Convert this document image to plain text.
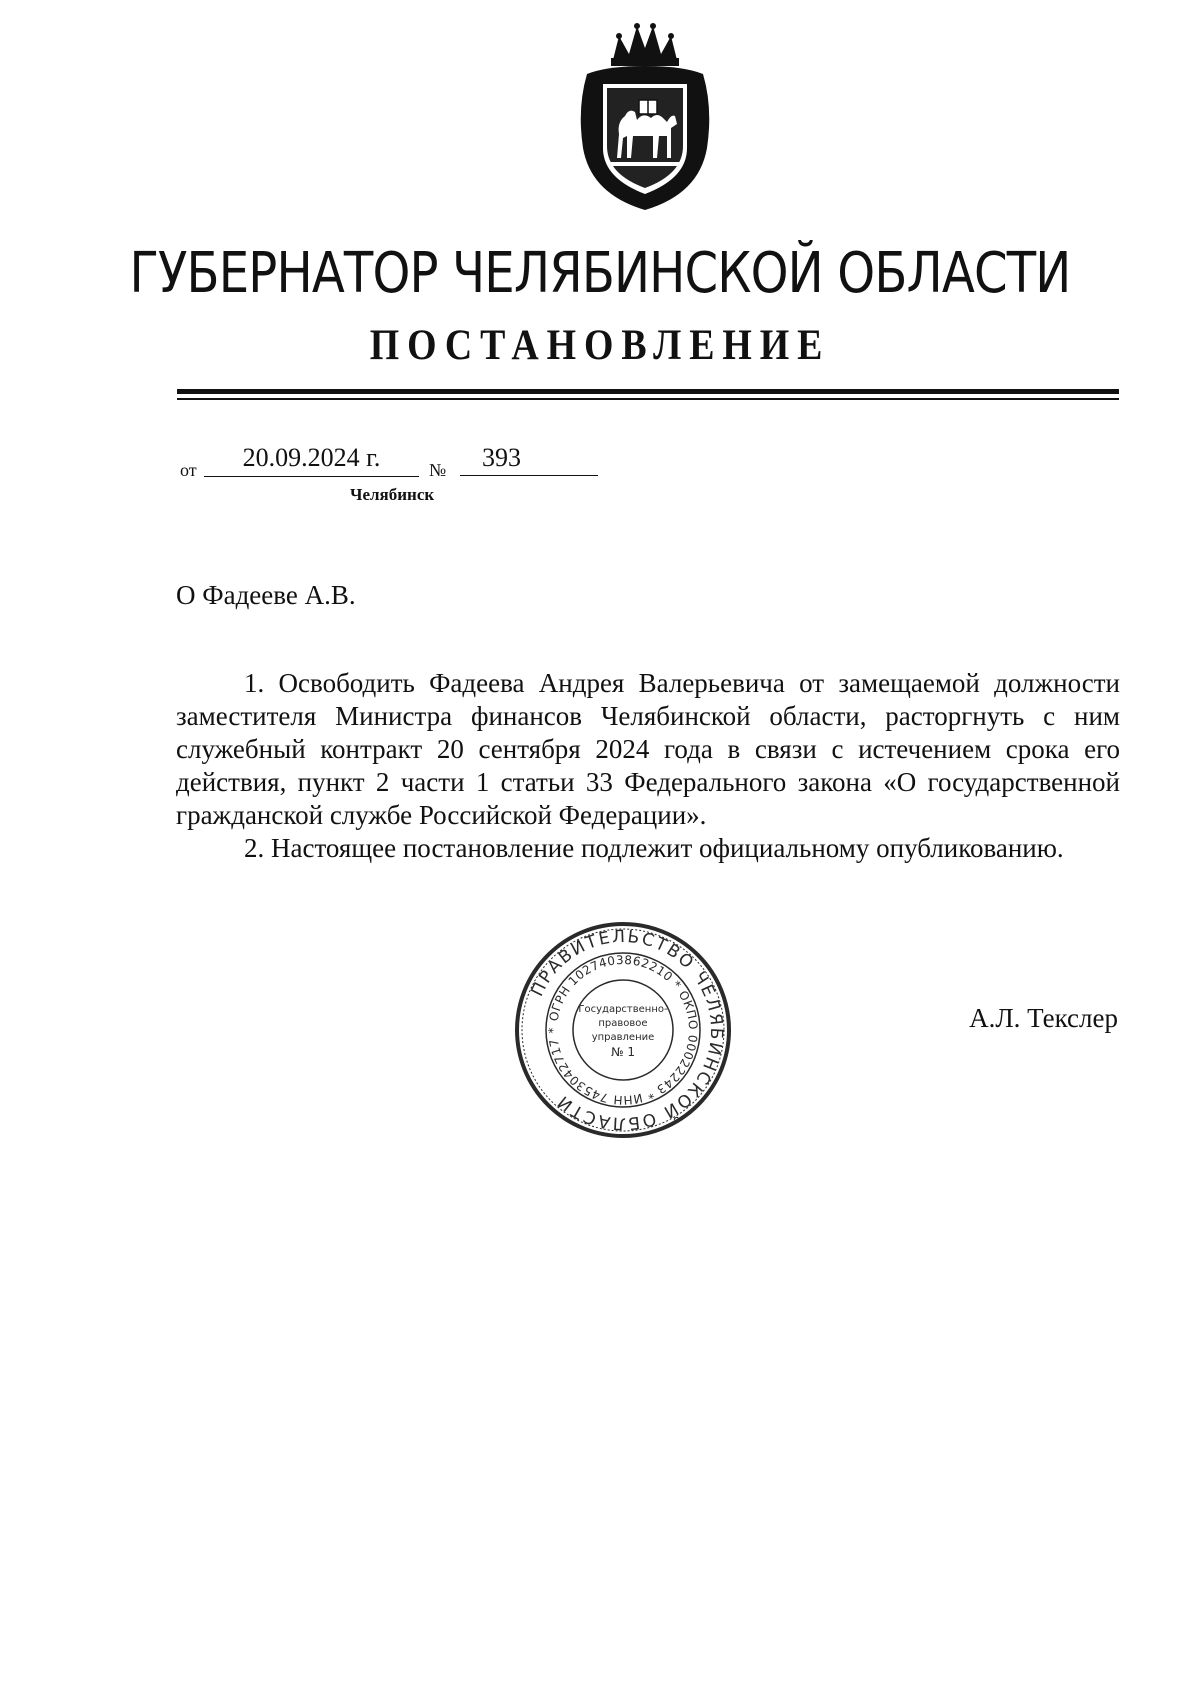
ГУБЕРНАТОР ЧЕЛЯБИНСКОЙ ОБЛАСТИ
ПОСТАНОВЛЕНИЕ
от	20.09.2024 г.	№	393
Челябинск
О Фадееве А.В.

1. Освободить Фадеева Андрея Валерьевича от замещаемой должности заместителя Министра финансов Челябинской области, расторгнуть с ним служебный контракт 20 сентября 2024 года в связи с истечением срока его действия, пункт 2 части 1 статьи 33 Федерального закона «О государственной гражданской службе Российской Федерации».

2. Настоящее постановление подлежит официальному опубликованию.

ПРАВИТЕЛЬСТВО ЧЕЛЯБИНСКОЙ ОБЛАСТИ
ОГРН 1027403862210 * ОКПО 00022243 * ИНН 7453042717 *
Государственно-
правовое
управление
№ 1
А.Л. Текслер
